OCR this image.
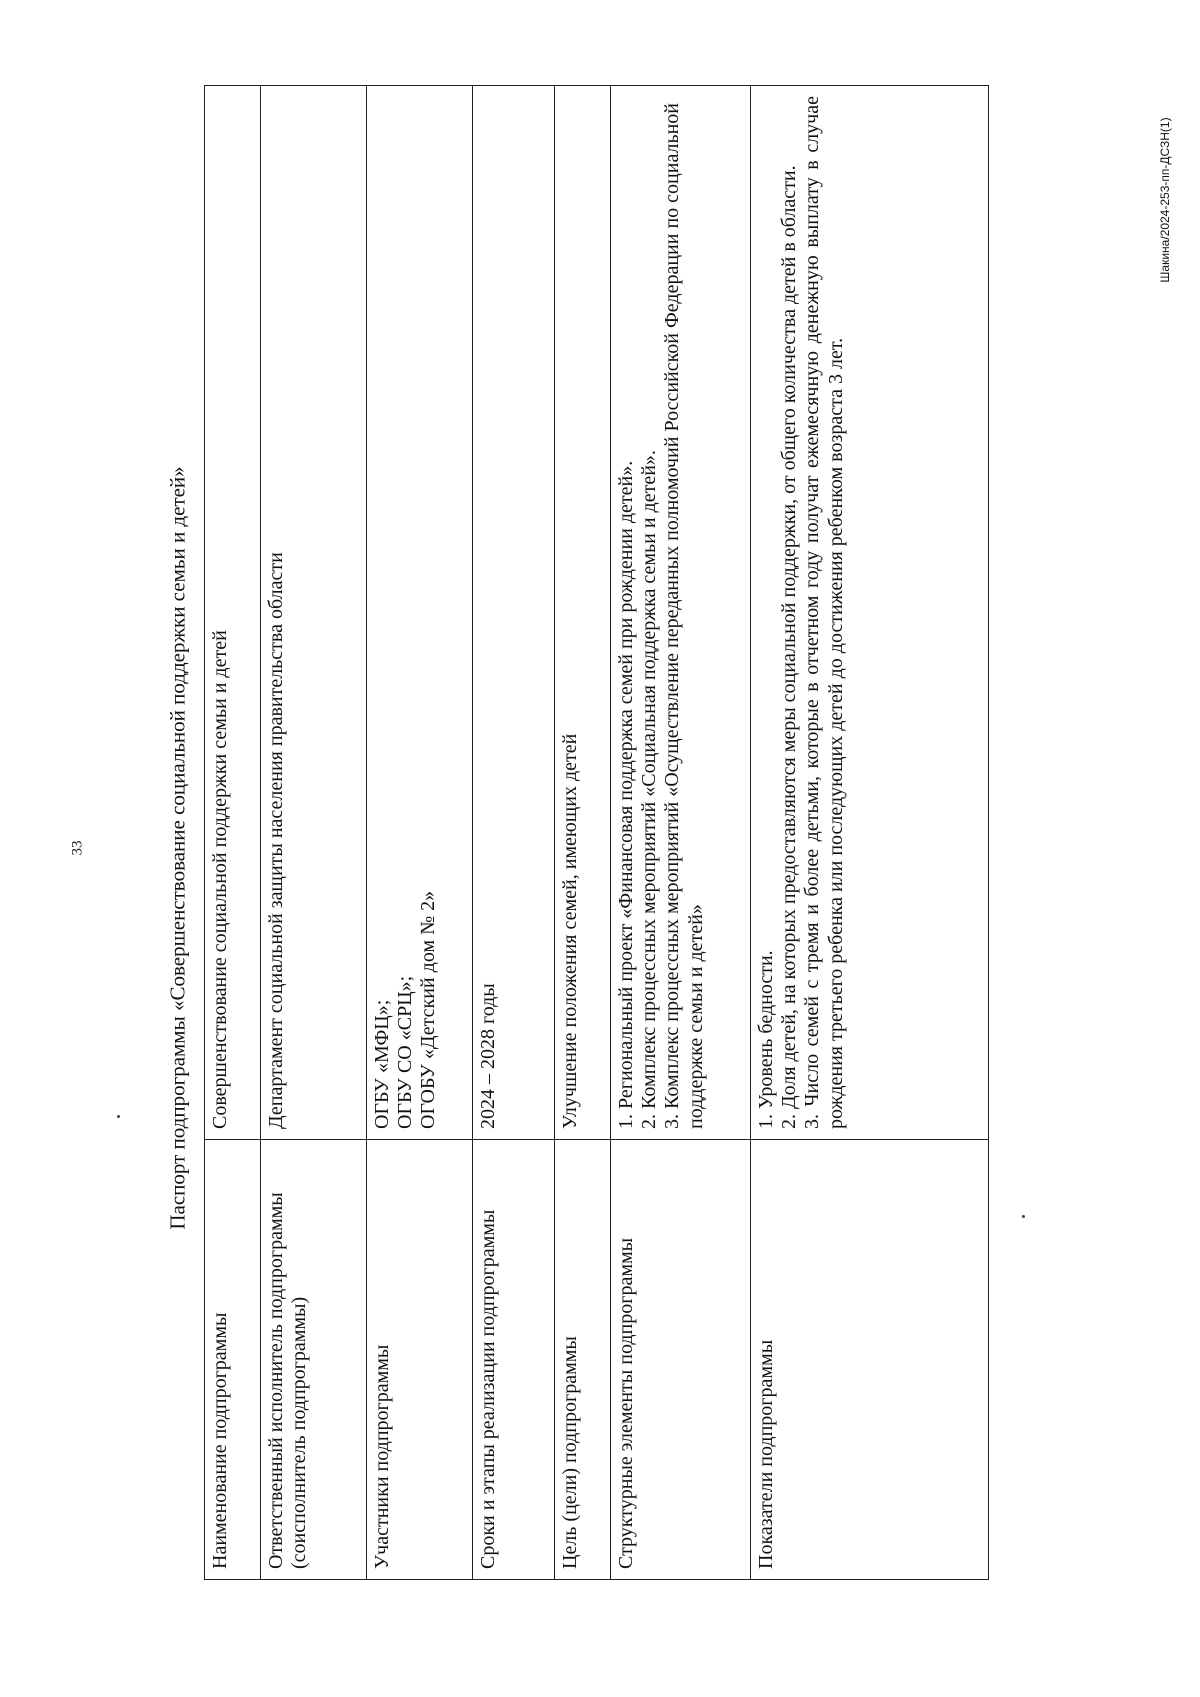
33	Паспорт подпрограммы «Совершенствование социальной поддержки семьи и детей»
Шакина/2024-253-пп-ДСЗН(1)
Наименование подпрограммы	Совершенствование социальной поддержки семьи и детей

Ответственный исполнитель подпрограммы (соисполнитель подпрограммы)	Департамент социальной защиты населения правительства области

Участники подпрограммы	ОГБУ «МФЦ»; ОГБУ СО «СРЦ»; ОГОБУ «Детский дом № 2»

Сроки и этапы реализации подпрограммы	2024 – 2028 годы

Цель (цели) подпрограммы	Улучшение положения семей, имеющих детей

Структурные элементы подпрограммы	1. Региональный проект «Финансовая поддержка семей при рождении детей». 2. Комплекс процессных мероприятий «Социальная поддержка семьи и детей». 3. Комплекс процессных мероприятий «Осуществление переданных полномочий Российской Федерации по социальной поддержке семьи и детей»

Показатели подпрограммы	1. Уровень бедности. 2. Доля детей, на которых предоставляются меры социальной поддержки, от общего количества детей в области. 3. Число семей с тремя и более детьми, которые в отчетном году получат ежемесячную денежную выплату в случае рождения третьего ребенка или последующих детей до достижения ребенком возраста 3 лет.
